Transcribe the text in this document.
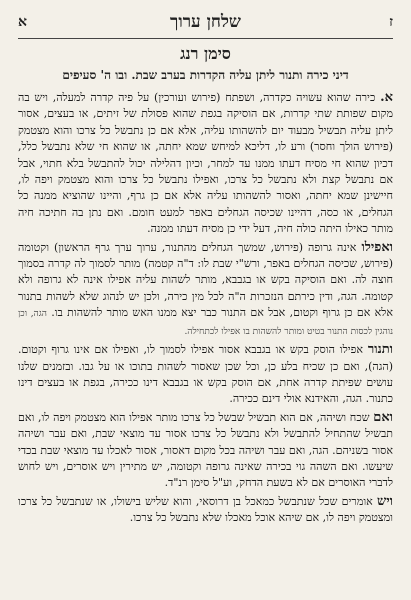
ז
שלחן ערוך
א
סימן רנג
דיני כירה ותנור ליתן עליה הקדרות בערב שבת. ובו ה' סעיפים

א. כירה שהוא עשויה כקדרה, ושפתח (פירוש ועורכין) על פיה קדרה למעלה, ויש בה מקום שפותת שתי קדרות, אם הוסיקה בגפת שהוא פסולת של זיתים, או בעצים, אסור ליתן עליה תבשיל מבעוד יום להשהותו עליה, אלא אם כן נתבשל כל צרכו והוא מצטמק (פירוש הולך וחסר) ורע לו, דליכא למיחש שמא יחתה, או שהוא חי שלא נתבשל כלל, דכיון שהוא חי מסיח דעתו ממנו עד למחר, וכיון דהלילה יכול להתבשל בלא חתוי, אבל אם נתבשל קצת ולא נתבשל כל צרכו, ואפילו נתבשל כל צרכו והוא מצטמק ויפה לו, חיישינן שמא יחתה, ואסור להשהותו עליה אלא אם כן גרף, והיינו שהוציא ממנה כל הגחלים, או כסה, דהיינו שכיסה הגחלים באפר למעט חומם. ואם נתן בה חתיכה חיה מותר כאילו היתה כולה חיה, דעל ידי כן מסיח דעתו ממנה.

ואפילו אינה גרופה (פירוש, שמשך הגחלים מהתנור, ערוך ערך גרף הראשון) וקטומה (פירוש, שכיסה הגחלים באפר, ורש"י שבת לו: ד"ה קטמה) מותר לסמוך לה קדרה בסמוך חוצה לה. ואם הוסיקה בקש או בגבבא, מותר לשהות עליה אפילו אינה לא גרופה ולא קטומה. הגה, ודין כירתם הנזכרות ה"ה לכל מין כירה, ולכן יש לנהוג שלא לשהות בתנור אלא אם כן גרוף וקטום, אבל אם התנור כבר יצא ממנו האש מותר להשהות בו. הגה, וכן נוהגין לכסות התנור בטיט ומותר להשהות בו אפילו לכתחילה.

ותנור אפילו הוסק בקש או בגבבא אסור אפילו לסמוך לו, ואפילו אם אינו גרוף וקטום. (הגה), ואם כן שכיח בלע כן, וכל שכן שאסור לשהות בתוכו או על גבו. ובזמנים שלנו עושים שפיתת קדרה אחת, אם הוסק בקש או בגבבא דינו ככירה, בגפת או בעצים דינו כתנור. הגה, והאידנא אולי דינם ככירה.

ואם שכח ושיהה, אם הוא תבשיל שבשל כל צרכו מותר אפילו הוא מצטמק ויפה לו, ואם תבשיל שהתחיל להתבשל ולא נתבשל כל צרכו אסור עד מוצאי שבת, ואם עבר ושיהה אסור בשניהם. הגה, ואם עבר ושיהה בכל מקום דאסור, אסור לאכלו עד מוצאי שבת בכדי שיעשו. ואם השהה גוי בכירה שאינה גרופה וקטומה, יש מתירין ויש אוסרים, ויש לחוש לדברי האוסרים אם לא בשעת הדחק, וע"ל סימן רנ"ד.

ויש אומרים שכל שנתבשל כמאכל בן דרוסאי, והוא שליש בישולו, או שנתבשל כל צרכו ומצטמק ויפה לו, אם שיהא אוכל מאכלו שלא נתבשל כל צרכו.
